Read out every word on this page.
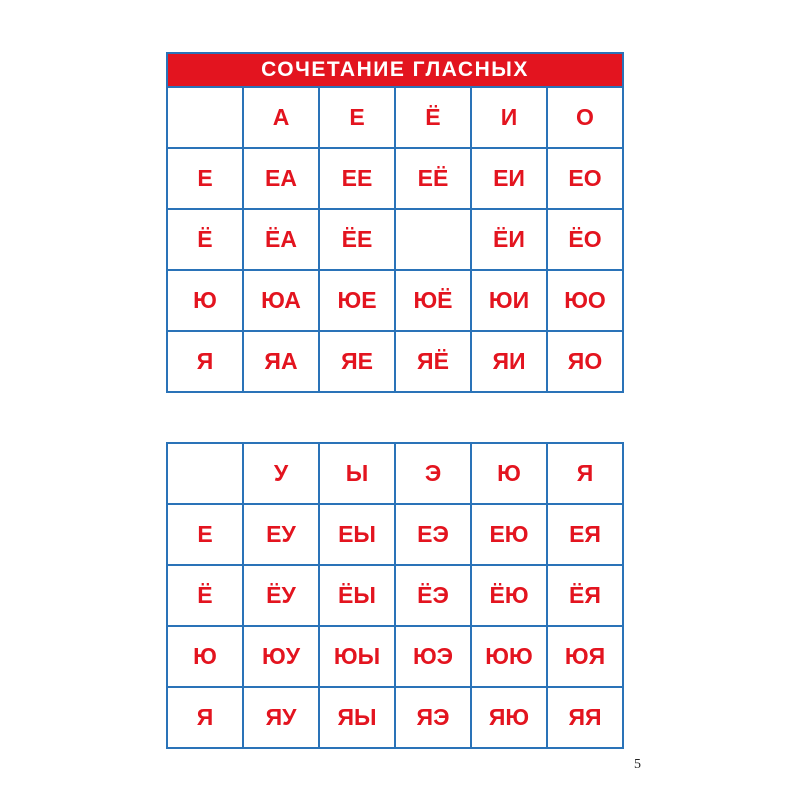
СОЧЕТАНИЕ ГЛАСНЫХ
	А	Е	Ё	И	О
Е	ЕА	ЕЕ	ЕЁ	ЕИ	ЕО
Ё	ЁА	ЁЕ		ЁИ	ЁО
Ю	ЮА	ЮЕ	ЮЁ	ЮИ	ЮО
Я	ЯА	ЯЕ	ЯЁ	ЯИ	ЯО
	У	Ы	Э	Ю	Я
Е	ЕУ	ЕЫ	ЕЭ	ЕЮ	ЕЯ
Ё	ЁУ	ЁЫ	ЁЭ	ЁЮ	ЁЯ
Ю	ЮУ	ЮЫ	ЮЭ	ЮЮ	ЮЯ
Я	ЯУ	ЯЫ	ЯЭ	ЯЮ	ЯЯ
5
